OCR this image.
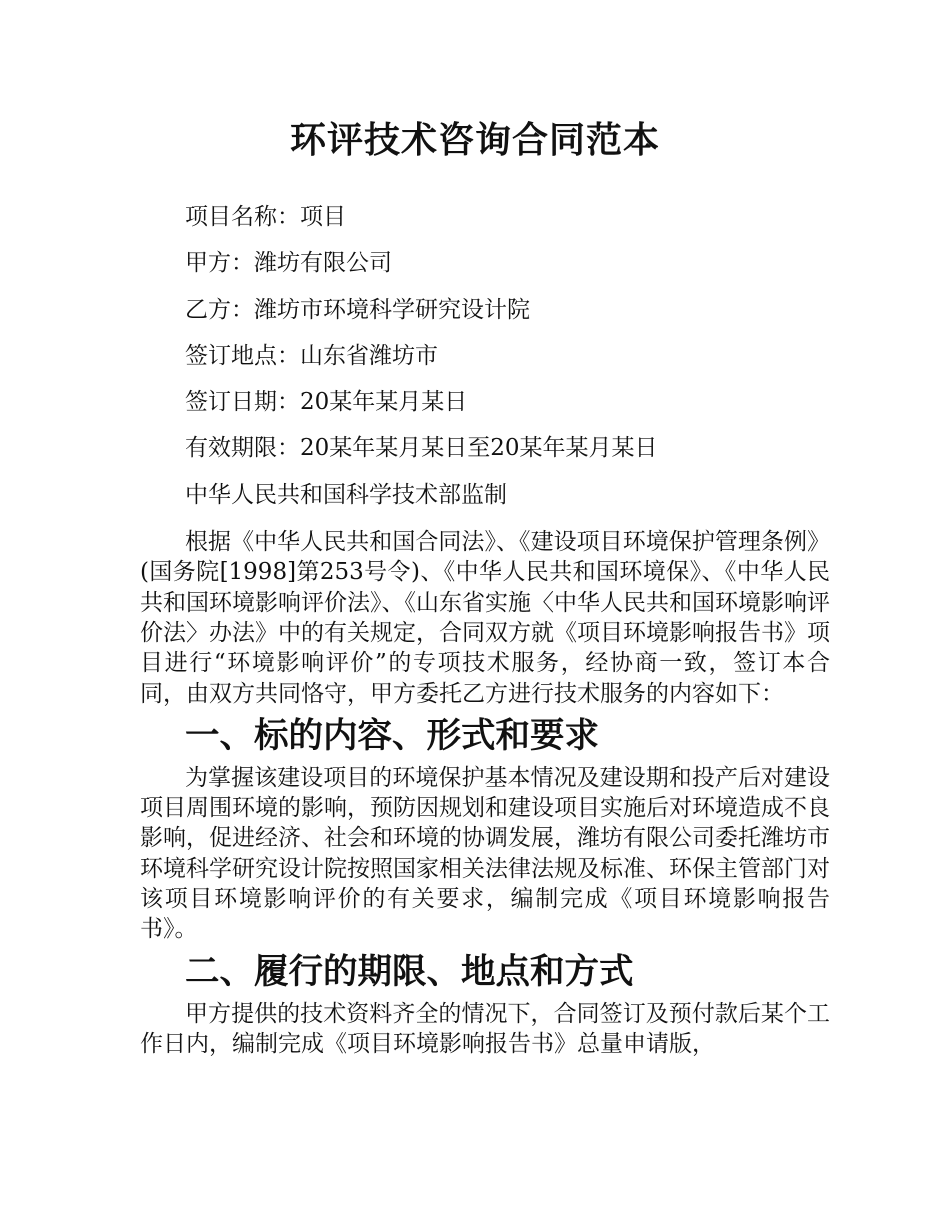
环评技术咨询合同范本

项目名称：项目

甲方：潍坊有限公司

乙方：潍坊市环境科学研究设计院

签订地点：山东省潍坊市

签订日期：20某年某月某日

有效期限：20某年某月某日至20某年某月某日

中华人民共和国科学技术部监制

根据《中华人民共和国合同法》、《建设项目环境保护管理条例》(国务院[1998]第253号令)、《中华人民共和国环境保》、《中华人民共和国环境影响评价法》、《山东省实施〈中华人民共和国环境影响评价法〉办法》中的有关规定，合同双方就《项目环境影响报告书》项目进行“环境影响评价”的专项技术服务，经协商一致，签订本合同，由双方共同恪守，甲方委托乙方进行技术服务的内容如下：

一、标的内容、形式和要求

为掌握该建设项目的环境保护基本情况及建设期和投产后对建设项目周围环境的影响，预防因规划和建设项目实施后对环境造成不良影响，促进经济、社会和环境的协调发展，潍坊有限公司委托潍坊市环境科学研究设计院按照国家相关法律法规及标准、环保主管部门对该项目环境影响评价的有关要求，编制完成《项目环境影响报告书》。

二、履行的期限、地点和方式

甲方提供的技术资料齐全的情况下，合同签订及预付款后某个工作日内，编制完成《项目环境影响报告书》总量申请版，
